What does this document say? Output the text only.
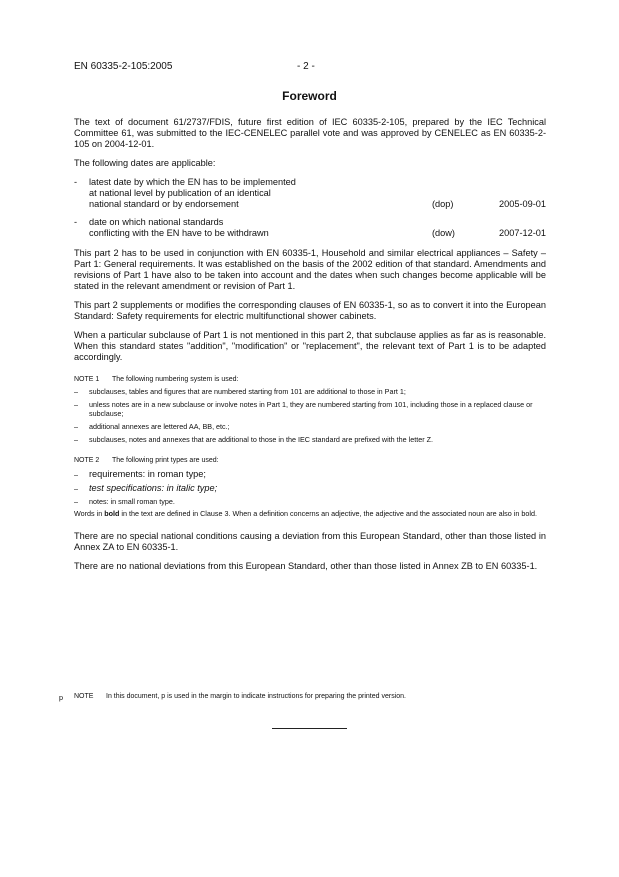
EN 60335-2-105:2005	- 2 -
Foreword

The text of document 61/2737/FDIS, future first edition of IEC 60335-2-105, prepared by the IEC Technical Committee 61, was submitted to the IEC-CENELEC parallel vote and was approved by CENELEC as EN 60335-2-105 on 2004-12-01.

The following dates are applicable:

- latest date by which the EN has to be implemented
at national level by publication of an identical
national standard or by endorsement	(dop)	2005-09-01
- date on which national standards
conflicting with the EN have to be withdrawn	(dow)	2007-12-01

This part 2 has to be used in conjunction with EN 60335-1, Household and similar electrical appliances – Safety – Part 1: General requirements. It was established on the basis of the 2002 edition of that standard. Amendments and revisions of Part 1 have also to be taken into account and the dates when such changes become applicable will be stated in the relevant amendment or revision of Part 1.

This part 2 supplements or modifies the corresponding clauses of EN 60335-1, so as to convert it into the European Standard: Safety requirements for electric multifunctional shower cabinets.

When a particular subclause of Part 1 is not mentioned in this part 2, that subclause applies as far as is reasonable. When this standard states "addition", "modification" or "replacement", the relevant text of Part 1 is to be adapted accordingly.

NOTE 1 The following numbering system is used:
– subclauses, tables and figures that are numbered starting from 101 are additional to those in Part 1;
– unless notes are in a new subclause or involve notes in Part 1, they are numbered starting from 101, including those in a replaced clause or subclause;
– additional annexes are lettered AA, BB, etc.;
– subclauses, notes and annexes that are additional to those in the IEC standard are prefixed with the letter Z.
NOTE 2 The following print types are used:
– requirements: in roman type;
– test specifications: in italic type;
– notes: in small roman type.

Words in bold in the text are defined in Clause 3. When a definition concerns an adjective, the adjective and the associated noun are also in bold.

There are no special national conditions causing a deviation from this European Standard, other than those listed in Annex ZA to EN 60335-1.

There are no national deviations from this European Standard, other than those listed in Annex ZB to EN 60335-1.

p NOTE In this document, p is used in the margin to indicate instructions for preparing the printed version.
